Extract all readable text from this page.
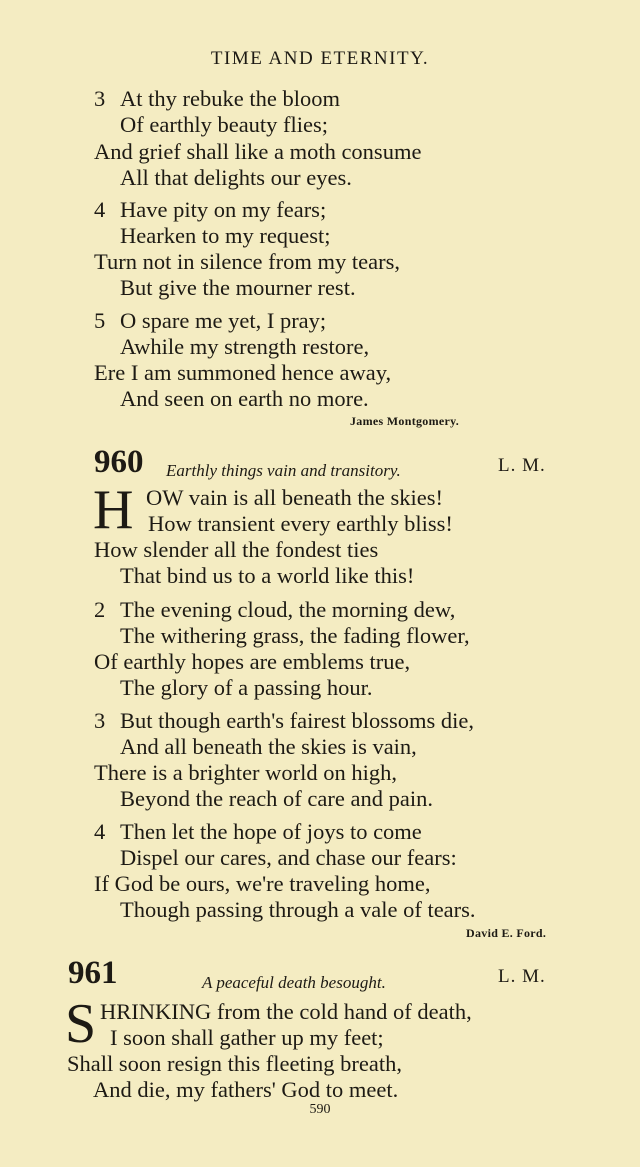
TIME AND ETERNITY.
3 At thy rebuke the bloom
Of earthly beauty flies;
And grief shall like a moth consume
All that delights our eyes.
4 Have pity on my fears;
Hearken to my request;
Turn not in silence from my tears,
But give the mourner rest.
5 O spare me yet, I pray;
Awhile my strength restore,
Ere I am summoned hence away,
And seen on earth no more.
James Montgomery.
960 Earthly things vain and transitory.	L. M.
H OW vain is all beneath the skies!
How transient every earthly bliss!
How slender all the fondest ties
That bind us to a world like this!
2 The evening cloud, the morning dew,
The withering grass, the fading flower,
Of earthly hopes are emblems true,
The glory of a passing hour.
3 But though earth's fairest blossoms die,
And all beneath the skies is vain,
There is a brighter world on high,
Beyond the reach of care and pain.
4 Then let the hope of joys to come
Dispel our cares, and chase our fears:
If God be ours, we're traveling home,
Though passing through a vale of tears.
David E. Ford.
961	A peaceful death besought.	L. M.
S HRINKING from the cold hand of death,
I soon shall gather up my feet;
Shall soon resign this fleeting breath,
And die, my fathers' God to meet.
590
